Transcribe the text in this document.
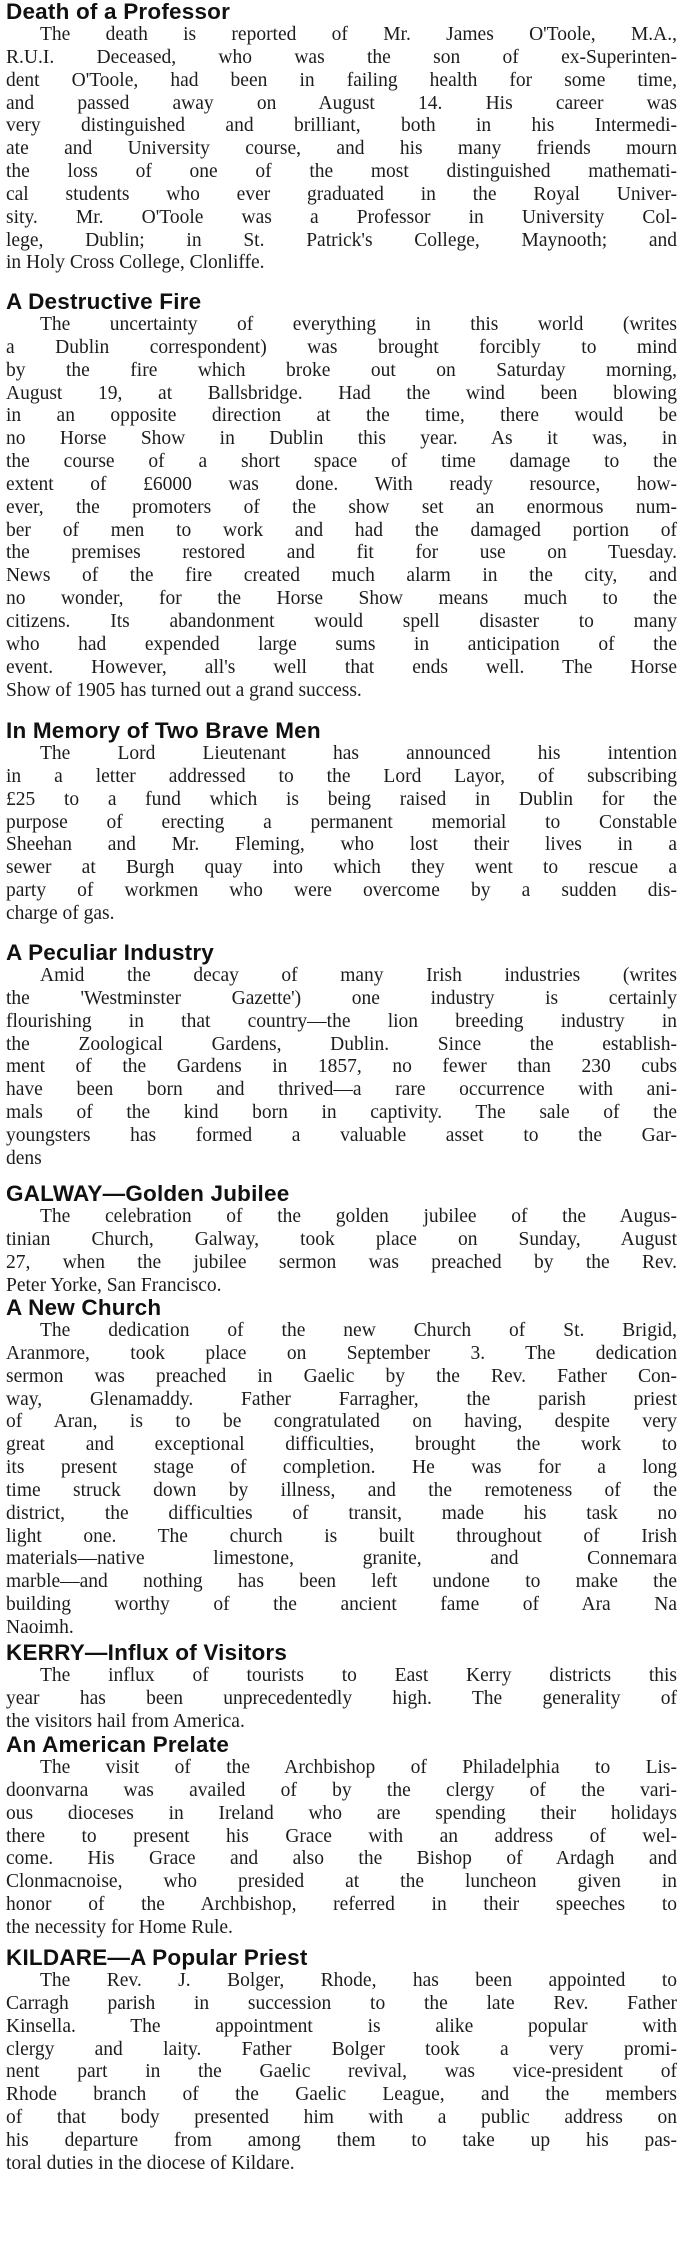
Death of a Professor
The death is reported of Mr. James O'Toole, M.A.,
R.U.I. Deceased, who was the son of ex-Superinten-
dent O'Toole, had been in failing health for some time,
and passed away on August 14. His career was
very distinguished and brilliant, both in his Intermedi-
ate and University course, and his many friends mourn
the loss of one of the most distinguished mathemati-
cal students who ever graduated in the Royal Univer-
sity. Mr. O'Toole was a Professor in University Col-
lege, Dublin; in St. Patrick's College, Maynooth; and
in Holy Cross College, Clonliffe.
A Destructive Fire
The uncertainty of everything in this world (writes
a Dublin correspondent) was brought forcibly to mind
by the fire which broke out on Saturday morning,
August 19, at Ballsbridge. Had the wind been blowing
in an opposite direction at the time, there would be
no Horse Show in Dublin this year. As it was, in
the course of a short space of time damage to the
extent of £6000 was done. With ready resource, how-
ever, the promoters of the show set an enormous num-
ber of men to work and had the damaged portion of
the premises restored and fit for use on Tuesday.
News of the fire created much alarm in the city, and
no wonder, for the Horse Show means much to the
citizens. Its abandonment would spell disaster to many
who had expended large sums in anticipation of the
event. However, all's well that ends well. The Horse
Show of 1905 has turned out a grand success.
In Memory of Two Brave Men
The Lord Lieutenant has announced his intention
in a letter addressed to the Lord Layor, of subscribing
£25 to a fund which is being raised in Dublin for the
purpose of erecting a permanent memorial to Constable
Sheehan and Mr. Fleming, who lost their lives in a
sewer at Burgh quay into which they went to rescue a
party of workmen who were overcome by a sudden dis-
charge of gas.
A Peculiar Industry
Amid the decay of many Irish industries (writes
the 'Westminster Gazette') one industry is certainly
flourishing in that country—the lion breeding industry in
the Zoological Gardens, Dublin. Since the establish-
ment of the Gardens in 1857, no fewer than 230 cubs
have been born and thrived—a rare occurrence with ani-
mals of the kind born in captivity. The sale of the
youngsters has formed a valuable asset to the Gar-
dens
GALWAY—Golden Jubilee
The celebration of the golden jubilee of the Augus-
tinian Church, Galway, took place on Sunday, August
27, when the jubilee sermon was preached by the Rev.
Peter Yorke, San Francisco.
A New Church
The dedication of the new Church of St. Brigid,
Aranmore, took place on September 3. The dedication
sermon was preached in Gaelic by the Rev. Father Con-
way, Glenamaddy. Father Farragher, the parish priest
of Aran, is to be congratulated on having, despite very
great and exceptional difficulties, brought the work to
its present stage of completion. He was for a long
time struck down by illness, and the remoteness of the
district, the difficulties of transit, made his task no
light one. The church is built throughout of Irish
materials—native limestone, granite, and Connemara
marble—and nothing has been left undone to make the
building worthy of the ancient fame of Ara Na
Naoimh.
KERRY—Influx of Visitors
The influx of tourists to East Kerry districts this
year has been unprecedentedly high. The generality of
the visitors hail from America.
An American Prelate
The visit of the Archbishop of Philadelphia to Lis-
doonvarna was availed of by the clergy of the vari-
ous dioceses in Ireland who are spending their holidays
there to present his Grace with an address of wel-
come. His Grace and also the Bishop of Ardagh and
Clonmacnoise, who presided at the luncheon given in
honor of the Archbishop, referred in their speeches to
the necessity for Home Rule.
KILDARE—A Popular Priest
The Rev. J. Bolger, Rhode, has been appointed to
Carragh parish in succession to the late Rev. Father
Kinsella. The appointment is alike popular with
clergy and laity. Father Bolger took a very promi-
nent part in the Gaelic revival, was vice-president of
Rhode branch of the Gaelic League, and the members
of that body presented him with a public address on
his departure from among them to take up his pas-
toral duties in the diocese of Kildare.
